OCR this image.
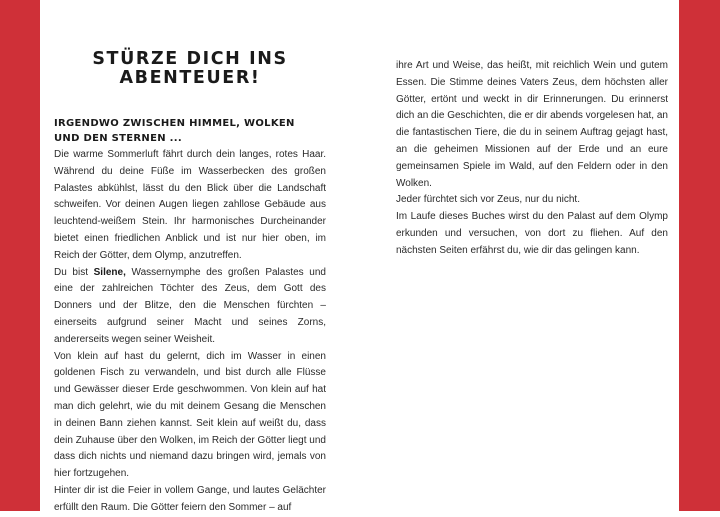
STÜRZE DICH INS
ABENTEUER!
IRGENDWO ZWISCHEN HIMMEL, WOLKEN
UND DEN STERNEN ...

Die warme Sommerluft fährt durch dein langes, rotes Haar. Während du deine Füße im Wasserbecken des großen Palastes abkühlst, lässt du den Blick über die Landschaft schweifen. Vor deinen Augen liegen zahllose Gebäude aus leuchtend-weißem Stein. Ihr harmonisches Durcheinander bietet einen friedlichen Anblick und ist nur hier oben, im Reich der Götter, dem Olymp, anzutreffen.

Du bist Silene, Wassernymphe des großen Palastes und eine der zahlreichen Töchter des Zeus, dem Gott des Donners und der Blitze, den die Menschen fürchten – einerseits aufgrund seiner Macht und seines Zorns, andererseits wegen seiner Weisheit.

Von klein auf hast du gelernt, dich im Wasser in einen goldenen Fisch zu verwandeln, und bist durch alle Flüsse und Gewässer dieser Erde geschwommen. Von klein auf hat man dich gelehrt, wie du mit deinem Gesang die Menschen in deinen Bann ziehen kannst. Seit klein auf weißt du, dass dein Zuhause über den Wolken, im Reich der Götter liegt und dass dich nichts und niemand dazu bringen wird, jemals von hier fortzugehen.

Hinter dir ist die Feier in vollem Gange, und lautes Gelächter erfüllt den Raum. Die Götter feiern den Sommer – auf

ihre Art und Weise, das heißt, mit reichlich Wein und gutem Essen. Die Stimme deines Vaters Zeus, dem höchsten aller Götter, ertönt und weckt in dir Erinnerungen. Du erinnerst dich an die Geschichten, die er dir abends vorgelesen hat, an die fantastischen Tiere, die du in seinem Auftrag gejagt hast, an die geheimen Missionen auf der Erde und an eure gemeinsamen Spiele im Wald, auf den Feldern oder in den Wolken.

Jeder fürchtet sich vor Zeus, nur du nicht.

Im Laufe dieses Buches wirst du den Palast auf dem Olymp erkunden und versuchen, von dort zu fliehen. Auf den nächsten Seiten erfährst du, wie dir das gelingen kann.
